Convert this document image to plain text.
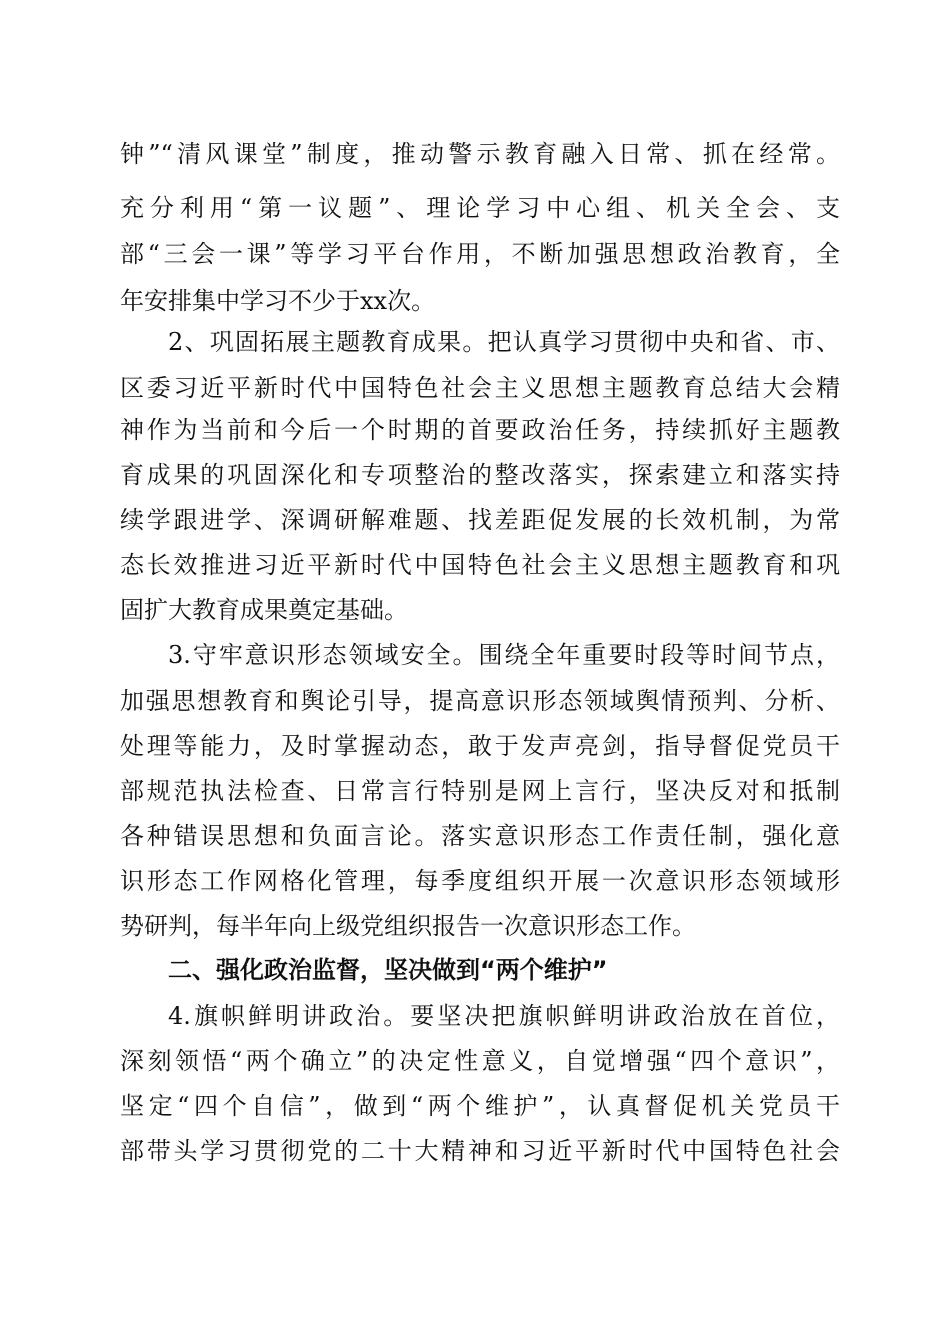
钟”“清风课堂”制度，推动警示教育融入日常、抓在经常。
充分利用“第一议题”、理论学习中心组、机关全会、支
部“三会一课”等学习平台作用，不断加强思想政治教育，全
年安排集中学习不少于xx次。
2、巩固拓展主题教育成果。把认真学习贯彻中央和省、市、
区委习近平新时代中国特色社会主义思想主题教育总结大会精
神作为当前和今后一个时期的首要政治任务，持续抓好主题教
育成果的巩固深化和专项整治的整改落实，探索建立和落实持
续学跟进学、深调研解难题、找差距促发展的长效机制，为常
态长效推进习近平新时代中国特色社会主义思想主题教育和巩
固扩大教育成果奠定基础。
3.守牢意识形态领域安全。围绕全年重要时段等时间节点，
加强思想教育和舆论引导，提高意识形态领域舆情预判、分析、
处理等能力，及时掌握动态，敢于发声亮剑，指导督促党员干
部规范执法检查、日常言行特别是网上言行，坚决反对和抵制
各种错误思想和负面言论。落实意识形态工作责任制，强化意
识形态工作网格化管理，每季度组织开展一次意识形态领域形
势研判，每半年向上级党组织报告一次意识形态工作。
二、强化政治监督，坚决做到“两个维护”
4.旗帜鲜明讲政治。要坚决把旗帜鲜明讲政治放在首位，
深刻领悟“两个确立”的决定性意义，自觉增强“四个意识”，
坚定“四个自信”，做到“两个维护”，认真督促机关党员干
部带头学习贯彻党的二十大精神和习近平新时代中国特色社会
